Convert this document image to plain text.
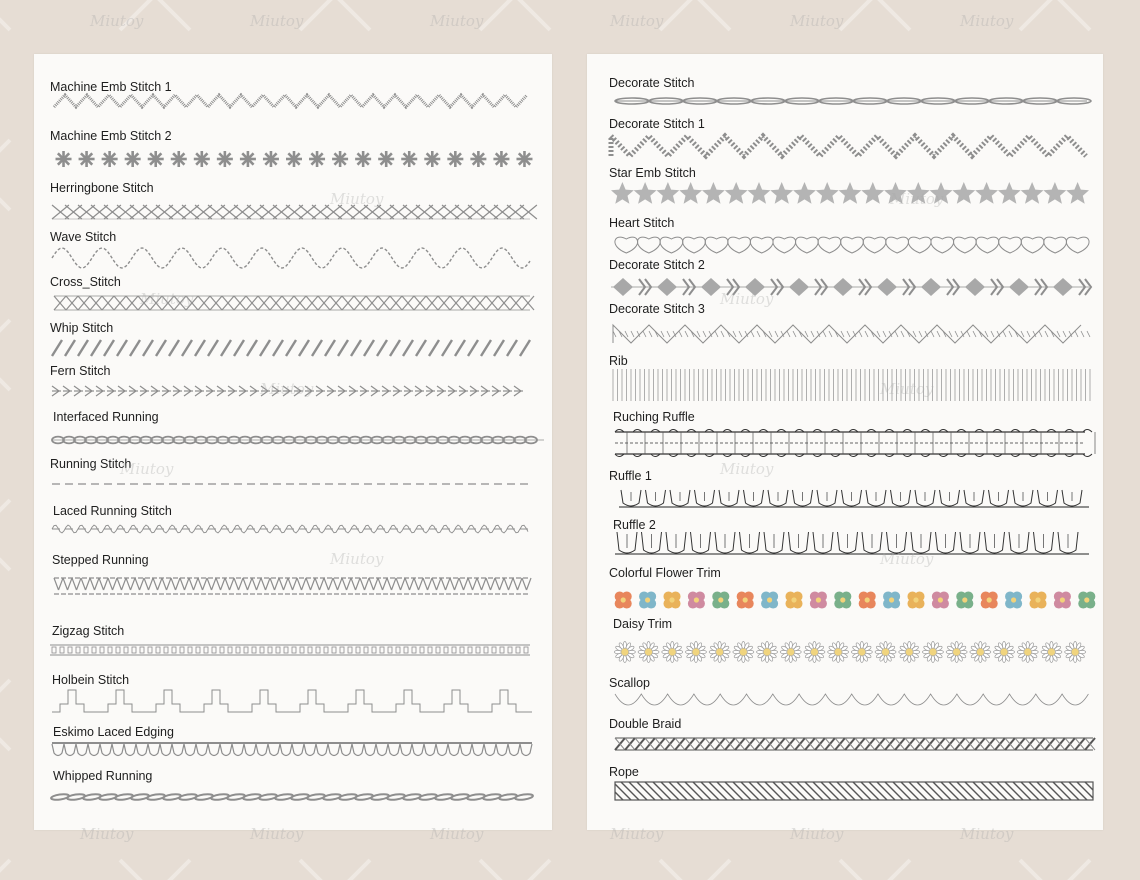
Machine Emb Stitch 1
Machine Emb Stitch 2
Herringbone Stitch
Wave Stitch
Cross_Stitch
Whip Stitch
Fern Stitch
Interfaced Running
Running Stitch
Laced Running Stitch
Stepped Running
Zigzag Stitch
Holbein Stitch
Eskimo Laced Edging
Whipped Running
Decorate Stitch
Decorate Stitch 1
Star Emb Stitch
Heart Stitch
Decorate Stitch 2
Decorate Stitch 3
Rib
Ruching Ruffle
Ruffle 1
Ruffle 2
Colorful Flower Trim
Daisy Trim
Scallop
Double Braid
Rope
Miutoy	Miutoy	Miutoy	Miutoy	Miutoy	Miutoy
Miutoy	Miutoy	Miutoy	Miutoy	Miutoy	Miutoy
Miutoy
Miutoy
Miutoy
Miutoy
Miutoy	Miutoy
Miutoy	Miutoy
Miutoy	Miutoy
